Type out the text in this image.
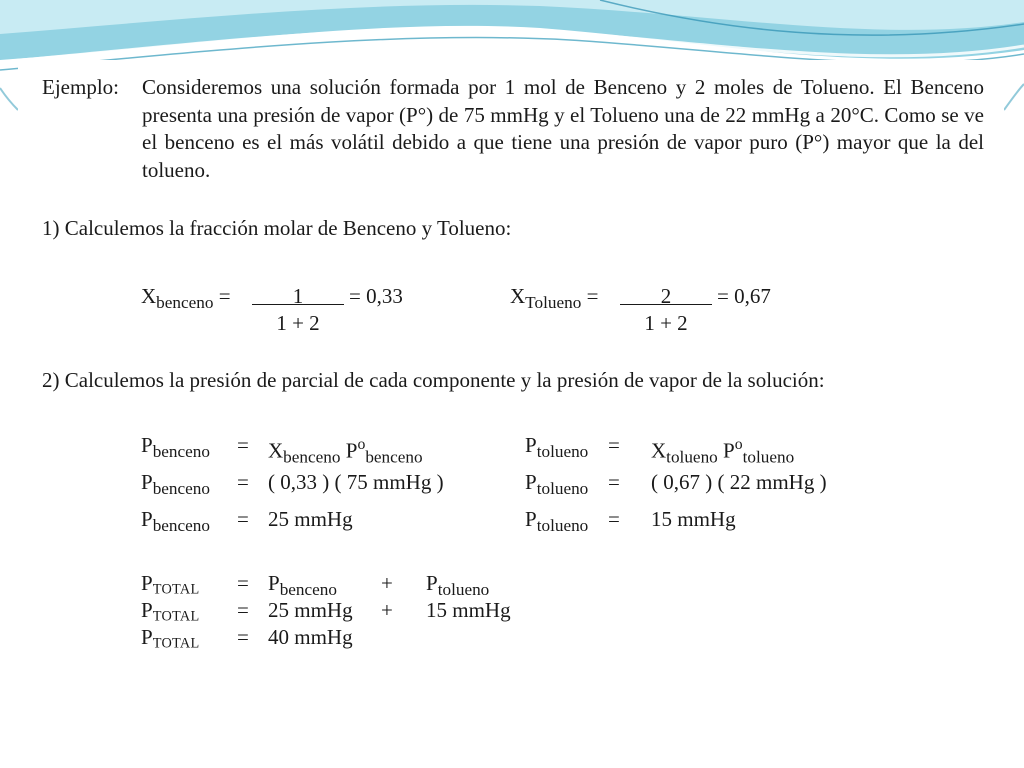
Ejemplo: Consideremos una solución formada por 1 mol de Benceno y 2 moles de Tolueno. El Benceno presenta una presión de vapor (P°) de 75 mmHg y el Tolueno una de 22 mmHg a 20°C. Como se ve el benceno es el más volátil debido a que tiene una presión de vapor puro (P°) mayor que la del tolueno.
1) Calculemos la fracción molar de Benceno y Tolueno:
$X_{benceno}$ =	1
1 + 2
= 0,33	$X_{Tolueno}$ =	2
1 + 2
= 0,67
2) Calculemos la presión de parcial de cada componente y la presión de vapor de la solución:
$P_{benceno} = X_{benceno}$ $P^o_{benceno}$
$P_{benceno}$ = ( 0,33 ) ( 75 mmHg )
$P_{benceno} = 25$ mmHg
$P_{tolueno} = X_{tolueno}$ $P^o_{tolueno}$
$P_{tolueno}$ = ( 0,67 ) ( 22 mmHg )
$P_{tolueno} = 15$ mmHg
PTOTAL = $P_{benceno} + P_{tolueno}$
PTOTAL = 25 mmHg + 15 mmHg
PTOTAL = 40 mmHg
